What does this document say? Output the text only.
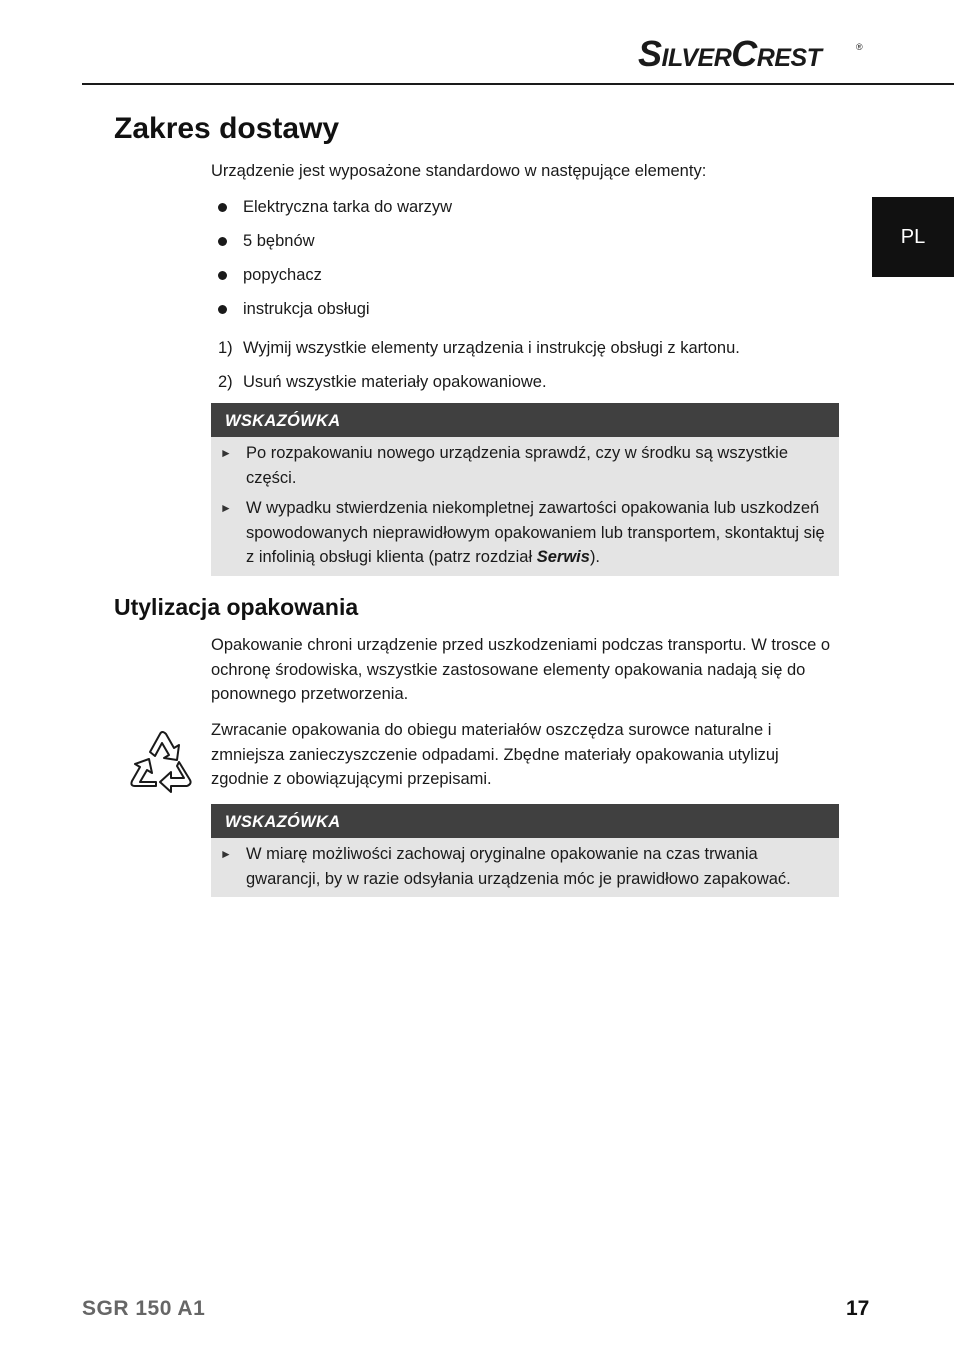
SILVERCREST	®
PL
Zakres dostawy

Urządzenie jest wyposażone standardowo w następujące elementy:

Elektryczna tarka do warzyw
5 bębnów
popychacz
instrukcja obsługi
1) Wyjmij wszystkie elementy urządzenia i instrukcję obsługi z kartonu.
2) Usuń wszystkie materiały opakowaniowe.
WSKAZÓWKA
► Po rozpakowaniu nowego urządzenia sprawdź, czy w środku są wszystkie części.
► W wypadku stwierdzenia niekompletnej zawartości opakowania lub uszkodzeń spowodowanych nieprawidłowym opakowaniem lub transportem, skontaktuj się z infolinią obsługi klienta (patrz rozdział Serwis).
Utylizacja opakowania

Opakowanie chroni urządzenie przed uszkodzeniami podczas transportu. W trosce o ochronę środowiska, wszystkie zastosowane elementy opakowania nadają się do ponownego przetworzenia.

Zwracanie opakowania do obiegu materiałów oszczędza surowce naturalne i zmniejsza zanieczyszczenie odpadami. Zbędne materiały opakowania utylizuj zgodnie z obowiązującymi przepisami.

WSKAZÓWKA
► W miarę możliwości zachowaj oryginalne opakowanie na czas trwania gwarancji, by w razie odsyłania urządzenia móc je prawidłowo zapakować.
SGR 150 A1	17
